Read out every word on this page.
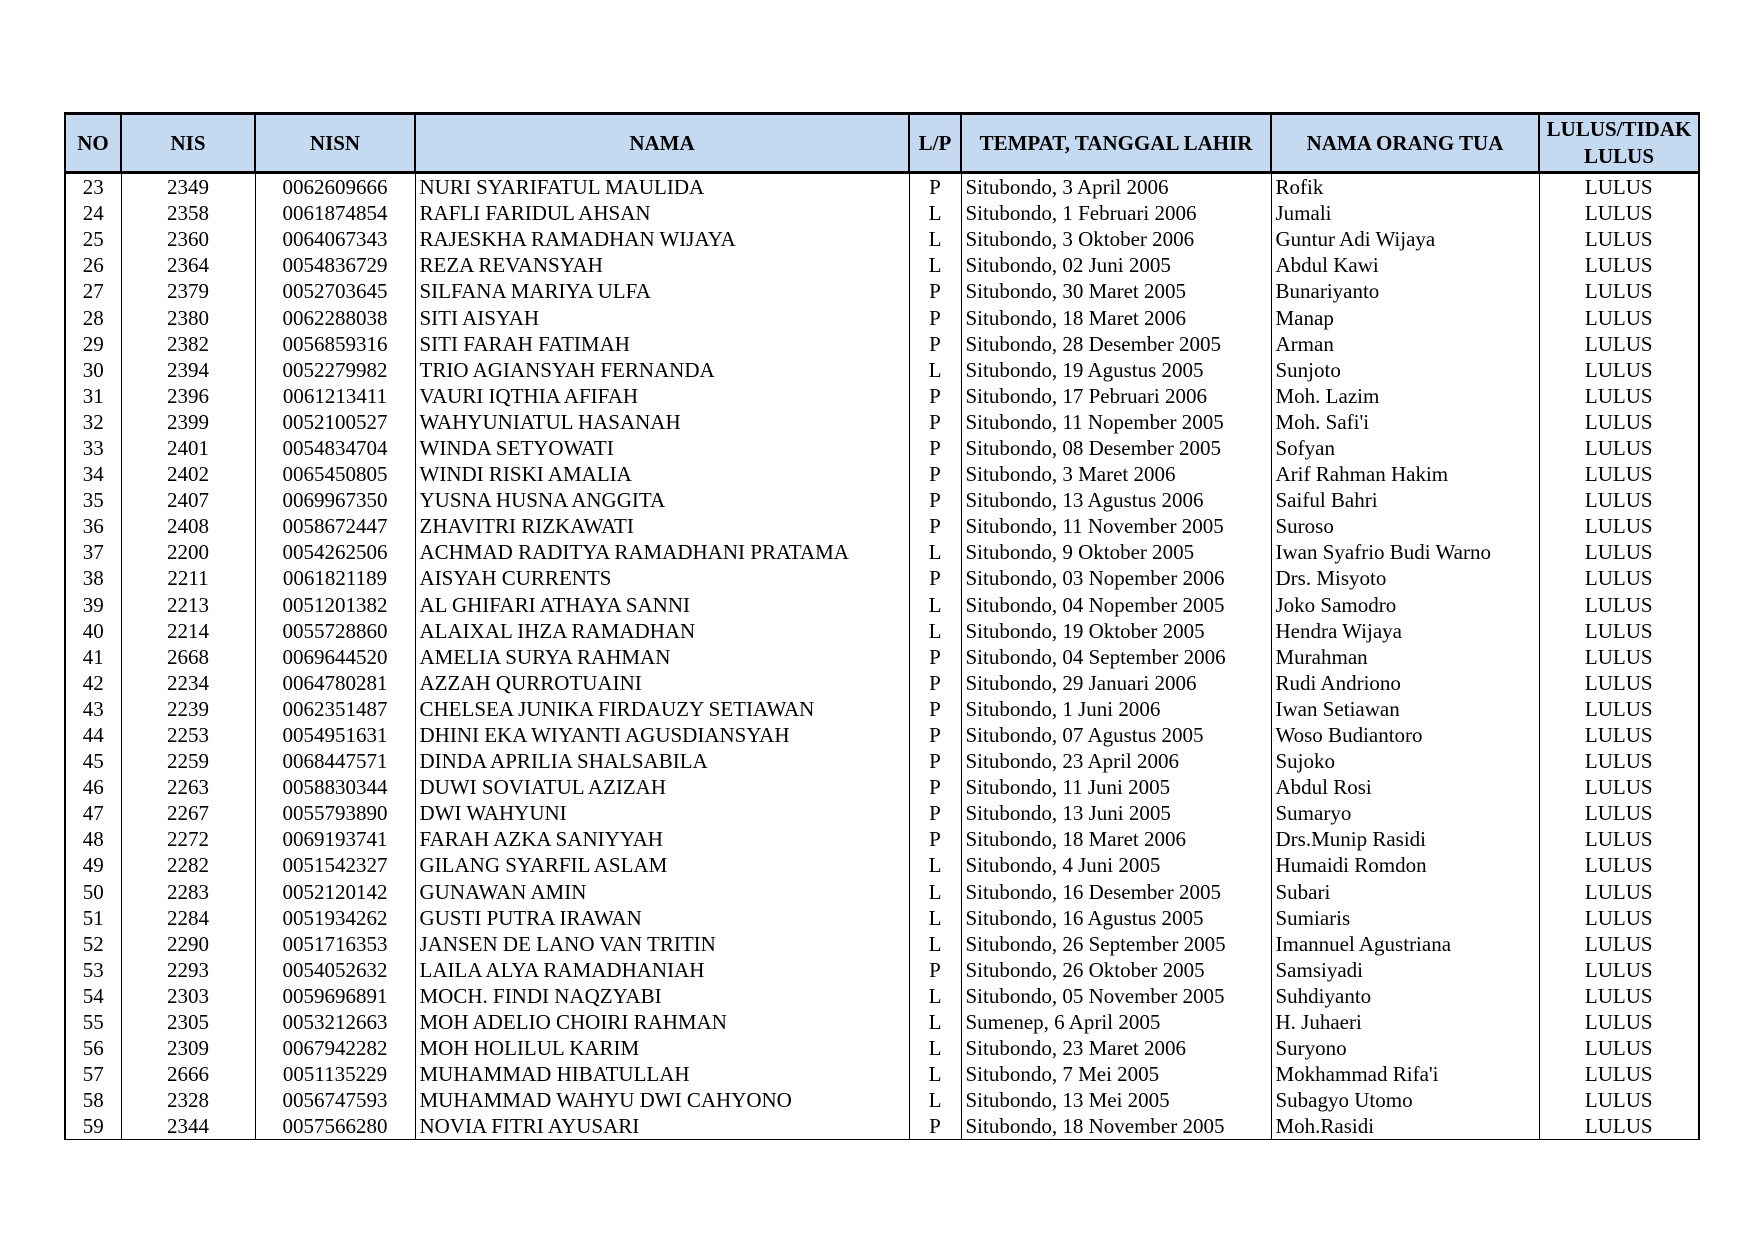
NO	NIS	NISN	NAMA	L/P	TEMPAT, TANGGAL LAHIR	NAMA ORANG TUA	LULUS/TIDAK LULUS
23	2349	0062609666	NURI SYARIFATUL MAULIDA	P	Situbondo, 3 April 2006	Rofik	LULUS
24	2358	0061874854	RAFLI FARIDUL AHSAN	L	Situbondo, 1 Februari 2006	Jumali	LULUS
25	2360	0064067343	RAJESKHA RAMADHAN WIJAYA	L	Situbondo, 3 Oktober 2006	Guntur Adi Wijaya	LULUS
26	2364	0054836729	REZA REVANSYAH	L	Situbondo, 02 Juni 2005	Abdul Kawi	LULUS
27	2379	0052703645	SILFANA MARIYA ULFA	P	Situbondo, 30 Maret 2005	Bunariyanto	LULUS
28	2380	0062288038	SITI AISYAH	P	Situbondo, 18 Maret 2006	Manap	LULUS
29	2382	0056859316	SITI FARAH FATIMAH	P	Situbondo, 28 Desember 2005	Arman	LULUS
30	2394	0052279982	TRIO AGIANSYAH FERNANDA	L	Situbondo, 19 Agustus 2005	Sunjoto	LULUS
31	2396	0061213411	VAURI IQTHIA AFIFAH	P	Situbondo, 17 Pebruari 2006	Moh. Lazim	LULUS
32	2399	0052100527	WAHYUNIATUL HASANAH	P	Situbondo, 11 Nopember 2005	Moh. Safi'i	LULUS
33	2401	0054834704	WINDA SETYOWATI	P	Situbondo, 08 Desember 2005	Sofyan	LULUS
34	2402	0065450805	WINDI RISKI AMALIA	P	Situbondo, 3 Maret 2006	Arif Rahman Hakim	LULUS
35	2407	0069967350	YUSNA HUSNA ANGGITA	P	Situbondo, 13 Agustus 2006	Saiful Bahri	LULUS
36	2408	0058672447	ZHAVITRI RIZKAWATI	P	Situbondo, 11 November 2005	Suroso	LULUS
37	2200	0054262506	ACHMAD RADITYA RAMADHANI PRATAMA	L	Situbondo, 9 Oktober 2005	Iwan Syafrio Budi Warno	LULUS
38	2211	0061821189	AISYAH CURRENTS	P	Situbondo, 03 Nopember 2006	Drs. Misyoto	LULUS
39	2213	0051201382	AL GHIFARI ATHAYA SANNI	L	Situbondo, 04 Nopember 2005	Joko Samodro	LULUS
40	2214	0055728860	ALAIXAL IHZA RAMADHAN	L	Situbondo, 19 Oktober 2005	Hendra Wijaya	LULUS
41	2668	0069644520	AMELIA SURYA RAHMAN	P	Situbondo, 04 September 2006	Murahman	LULUS
42	2234	0064780281	AZZAH QURROTUAINI	P	Situbondo, 29 Januari 2006	Rudi Andriono	LULUS
43	2239	0062351487	CHELSEA JUNIKA FIRDAUZY SETIAWAN	P	Situbondo, 1 Juni 2006	Iwan Setiawan	LULUS
44	2253	0054951631	DHINI EKA WIYANTI AGUSDIANSYAH	P	Situbondo, 07 Agustus 2005	Woso Budiantoro	LULUS
45	2259	0068447571	DINDA APRILIA SHALSABILA	P	Situbondo, 23 April 2006	Sujoko	LULUS
46	2263	0058830344	DUWI SOVIATUL AZIZAH	P	Situbondo, 11 Juni 2005	Abdul Rosi	LULUS
47	2267	0055793890	DWI WAHYUNI	P	Situbondo, 13 Juni 2005	Sumaryo	LULUS
48	2272	0069193741	FARAH AZKA SANIYYAH	P	Situbondo, 18 Maret 2006	Drs.Munip Rasidi	LULUS
49	2282	0051542327	GILANG SYARFIL ASLAM	L	Situbondo, 4 Juni 2005	Humaidi Romdon	LULUS
50	2283	0052120142	GUNAWAN AMIN	L	Situbondo, 16 Desember 2005	Subari	LULUS
51	2284	0051934262	GUSTI PUTRA IRAWAN	L	Situbondo, 16 Agustus 2005	Sumiaris	LULUS
52	2290	0051716353	JANSEN DE LANO VAN TRITIN	L	Situbondo, 26 September 2005	Imannuel Agustriana	LULUS
53	2293	0054052632	LAILA ALYA RAMADHANIAH	P	Situbondo, 26 Oktober 2005	Samsiyadi	LULUS
54	2303	0059696891	MOCH. FINDI NAQZYABI	L	Situbondo, 05 November 2005	Suhdiyanto	LULUS
55	2305	0053212663	MOH ADELIO CHOIRI RAHMAN	L	Sumenep, 6 April 2005	H. Juhaeri	LULUS
56	2309	0067942282	MOH HOLILUL KARIM	L	Situbondo, 23 Maret 2006	Suryono	LULUS
57	2666	0051135229	MUHAMMAD HIBATULLAH	L	Situbondo, 7 Mei 2005	Mokhammad Rifa'i	LULUS
58	2328	0056747593	MUHAMMAD WAHYU DWI CAHYONO	L	Situbondo, 13 Mei 2005	Subagyo Utomo	LULUS
59	2344	0057566280	NOVIA FITRI AYUSARI	P	Situbondo, 18 November 2005	Moh.Rasidi	LULUS
